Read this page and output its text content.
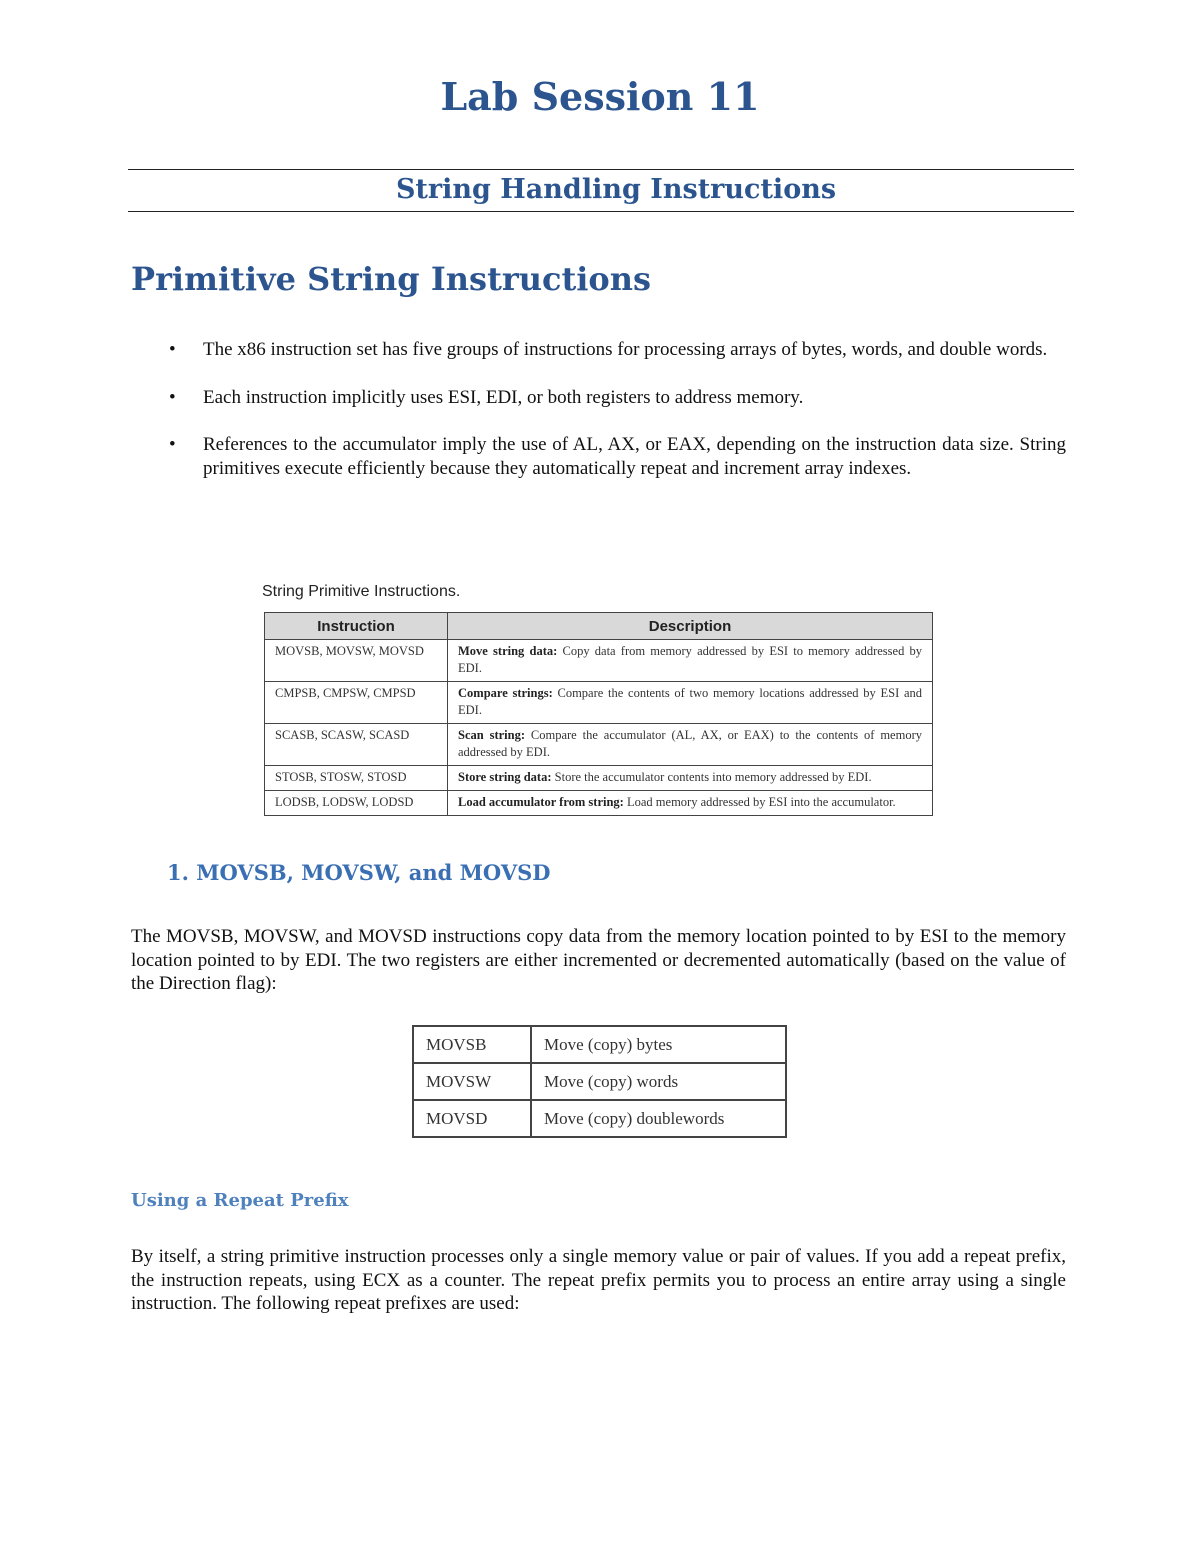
Lab Session 11
String Handling Instructions
Primitive String Instructions
• The x86 instruction set has five groups of instructions for processing arrays of bytes, words, and double words.
• Each instruction implicitly uses ESI, EDI, or both registers to address memory.
• References to the accumulator imply the use of AL, AX, or EAX, depending on the instruction data size. String primitives execute efficiently because they automatically repeat and increment array indexes.
String Primitive Instructions.
Instruction	Description
MOVSB, MOVSW, MOVSD	Move string data: Copy data from memory addressed by ESI to memory addressed by EDI.
CMPSB, CMPSW, CMPSD	Compare strings: Compare the contents of two memory locations addressed by ESI and EDI.
SCASB, SCASW, SCASD	Scan string: Compare the accumulator (AL, AX, or EAX) to the contents of memory addressed by EDI.
STOSB, STOSW, STOSD	Store string data: Store the accumulator contents into memory addressed by EDI.
LODSB, LODSW, LODSD	Load accumulator from string: Load memory addressed by ESI into the accumulator.
1. MOVSB, MOVSW, and MOVSD

The MOVSB, MOVSW, and MOVSD instructions copy data from the memory location pointed to by ESI to the memory location pointed to by EDI. The two registers are either incremented or decremented automatically (based on the value of the Direction flag):

MOVSB	Move (copy) bytes
MOVSW	Move (copy) words
MOVSD	Move (copy) doublewords
Using a Repeat Prefix

By itself, a string primitive instruction processes only a single memory value or pair of values. If you add a repeat prefix, the instruction repeats, using ECX as a counter. The repeat prefix permits you to process an entire array using a single instruction. The following repeat prefixes are used:
